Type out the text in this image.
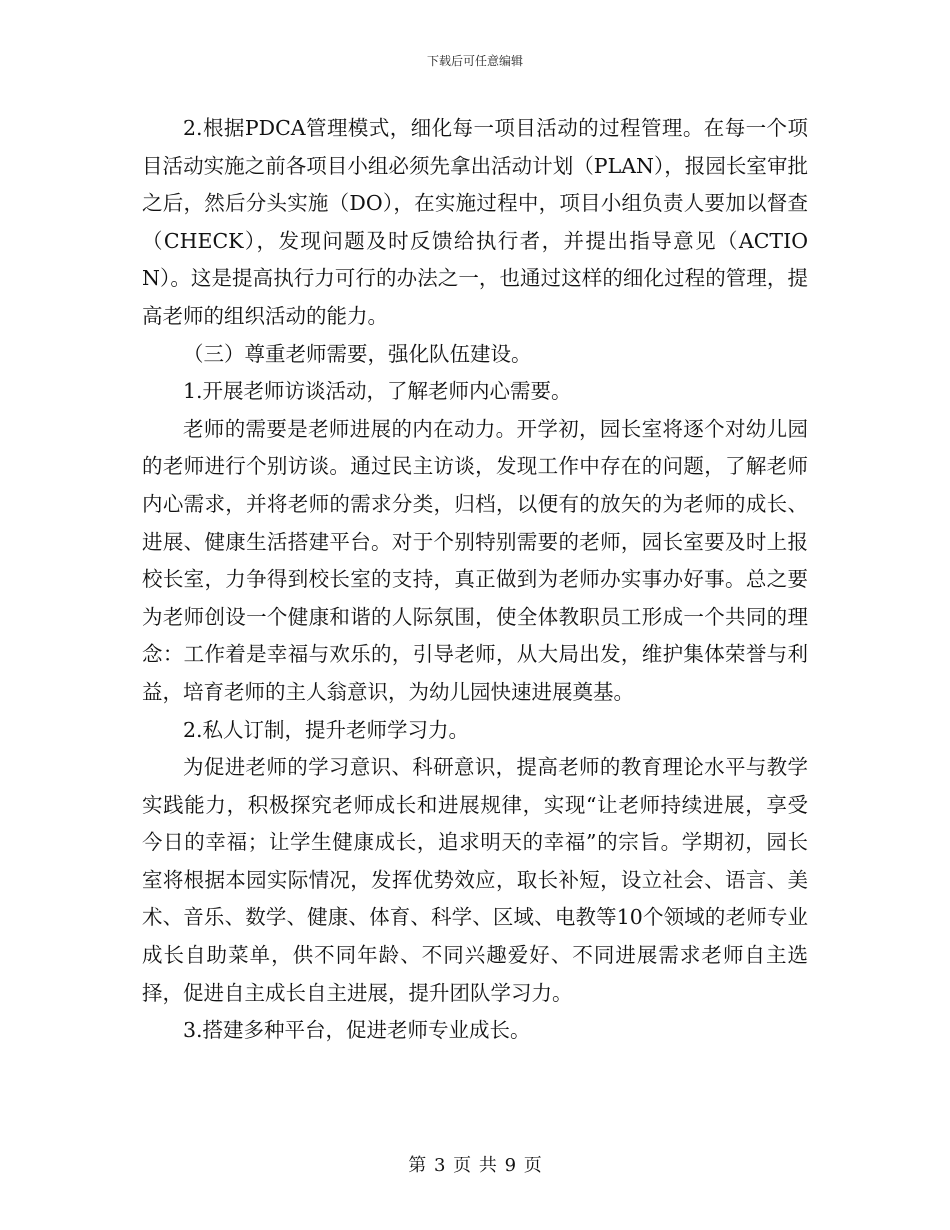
下载后可任意编辑

2.根据PDCA管理模式，细化每一项目活动的过程管理。在每一个项目活动实施之前各项目小组必须先拿出活动计划（PLAN），报园长室审批之后，然后分头实施（DO），在实施过程中，项目小组负责人要加以督查（CHECK），发现问题及时反馈给执行者，并提出指导意见（ACTION）。这是提高执行力可行的办法之一，也通过这样的细化过程的管理，提高老师的组织活动的能力。

（三）尊重老师需要，强化队伍建设。

1.开展老师访谈活动，了解老师内心需要。

老师的需要是老师进展的内在动力。开学初，园长室将逐个对幼儿园的老师进行个别访谈。通过民主访谈，发现工作中存在的问题，了解老师内心需求，并将老师的需求分类，归档，以便有的放矢的为老师的成长、进展、健康生活搭建平台。对于个别特别需要的老师，园长室要及时上报校长室，力争得到校长室的支持，真正做到为老师办实事办好事。总之要为老师创设一个健康和谐的人际氛围，使全体教职员工形成一个共同的理念：工作着是幸福与欢乐的，引导老师，从大局出发，维护集体荣誉与利益，培育老师的主人翁意识，为幼儿园快速进展奠基。

2.私人订制，提升老师学习力。

为促进老师的学习意识、科研意识，提高老师的教育理论水平与教学实践能力，积极探究老师成长和进展规律，实现“让老师持续进展，享受今日的幸福；让学生健康成长，追求明天的幸福”的宗旨。学期初，园长室将根据本园实际情况，发挥优势效应，取长补短，设立社会、语言、美术、音乐、数学、健康、体育、科学、区域、电教等10个领域的老师专业成长自助菜单，供不同年龄、不同兴趣爱好、不同进展需求老师自主选择，促进自主成长自主进展，提升团队学习力。

3.搭建多种平台，促进老师专业成长。

第 3 页 共 9 页
